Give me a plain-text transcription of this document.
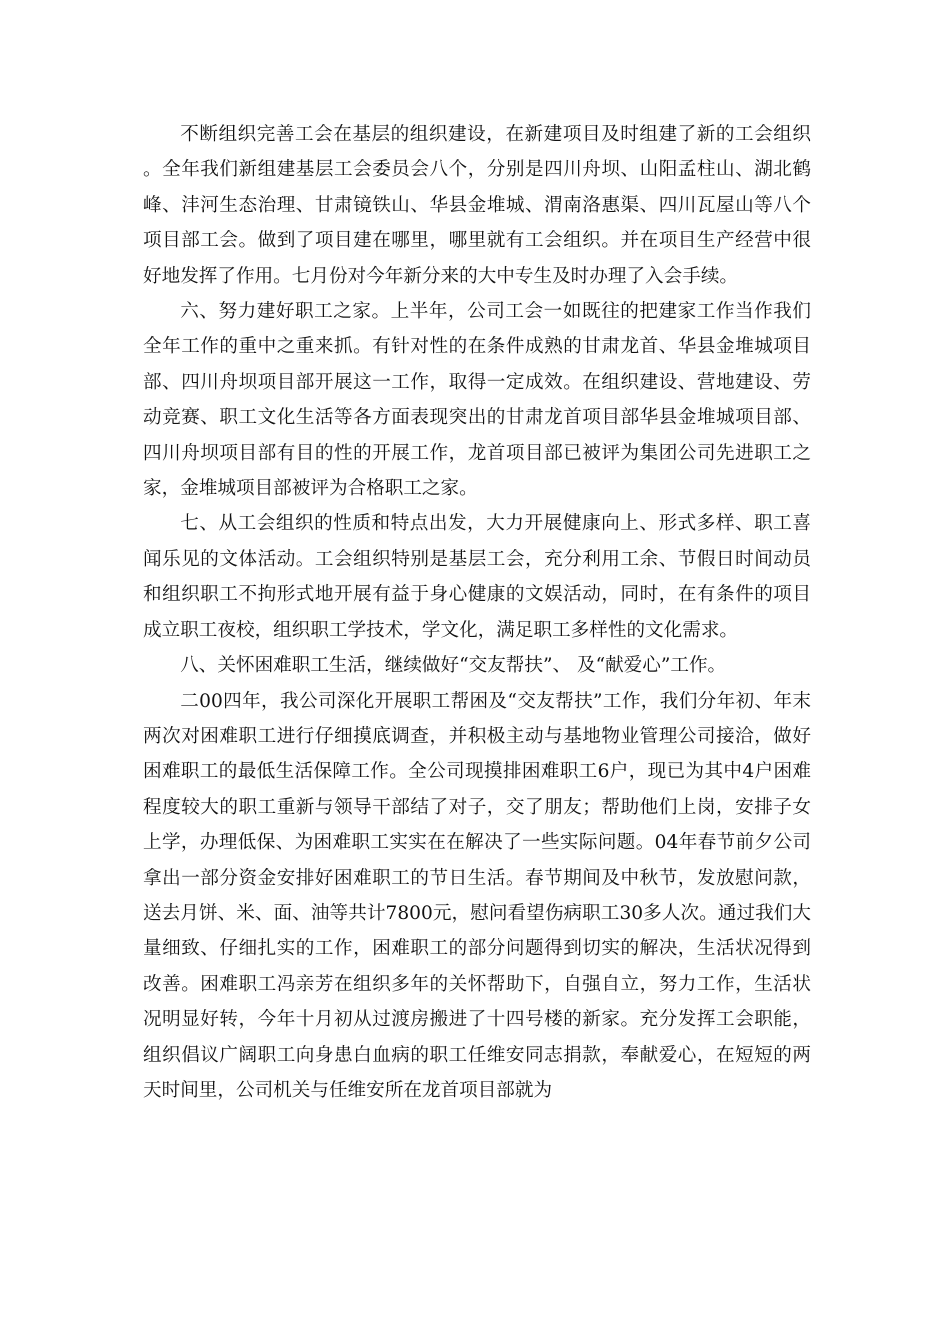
不断组织完善工会在基层的组织建设，在新建项目及时组建了新的工会组织。全年我们新组建基层工会委员会八个，分别是四川舟坝、山阳孟柱山、湖北鹤峰、沣河生态治理、甘肃镜铁山、华县金堆城、渭南洛惠渠、四川瓦屋山等八个项目部工会。做到了项目建在哪里，哪里就有工会组织。并在项目生产经营中很好地发挥了作用。七月份对今年新分来的大中专生及时办理了入会手续。

六、努力建好职工之家。上半年，公司工会一如既往的把建家工作当作我们全年工作的重中之重来抓。有针对性的在条件成熟的甘肃龙首、华县金堆城项目部、四川舟坝项目部开展这一工作，取得一定成效。在组织建设、营地建设、劳动竞赛、职工文化生活等各方面表现突出的甘肃龙首项目部华县金堆城项目部、四川舟坝项目部有目的性的开展工作，龙首项目部已被评为集团公司先进职工之家，金堆城项目部被评为合格职工之家。

七、从工会组织的性质和特点出发，大力开展健康向上、形式多样、职工喜闻乐见的文体活动。工会组织特别是基层工会，充分利用工余、节假日时间动员和组织职工不拘形式地开展有益于身心健康的文娱活动，同时，在有条件的项目成立职工夜校，组织职工学技术，学文化，满足职工多样性的文化需求。

八、关怀困难职工生活，继续做好“交友帮扶”、 及“献爱心”工作。

二00四年，我公司深化开展职工帮困及“交友帮扶”工作，我们分年初、年末两次对困难职工进行仔细摸底调查，并积极主动与基地物业管理公司接洽，做好困难职工的最低生活保障工作。全公司现摸排困难职工6户，现已为其中4户困难程度较大的职工重新与领导干部结了对子，交了朋友；帮助他们上岗，安排子女上学，办理低保、为困难职工实实在在解决了一些实际问题。04年春节前夕公司拿出一部分资金安排好困难职工的节日生活。春节期间及中秋节，发放慰问款，送去月饼、米、面、油等共计7800元，慰问看望伤病职工30多人次。通过我们大量细致、仔细扎实的工作，困难职工的部分问题得到切实的解决，生活状况得到改善。困难职工冯亲芳在组织多年的关怀帮助下，自强自立，努力工作，生活状况明显好转，今年十月初从过渡房搬进了十四号楼的新家。充分发挥工会职能，组织倡议广阔职工向身患白血病的职工任维安同志捐款，奉献爱心，在短短的两天时间里，公司机关与任维安所在龙首项目部就为
